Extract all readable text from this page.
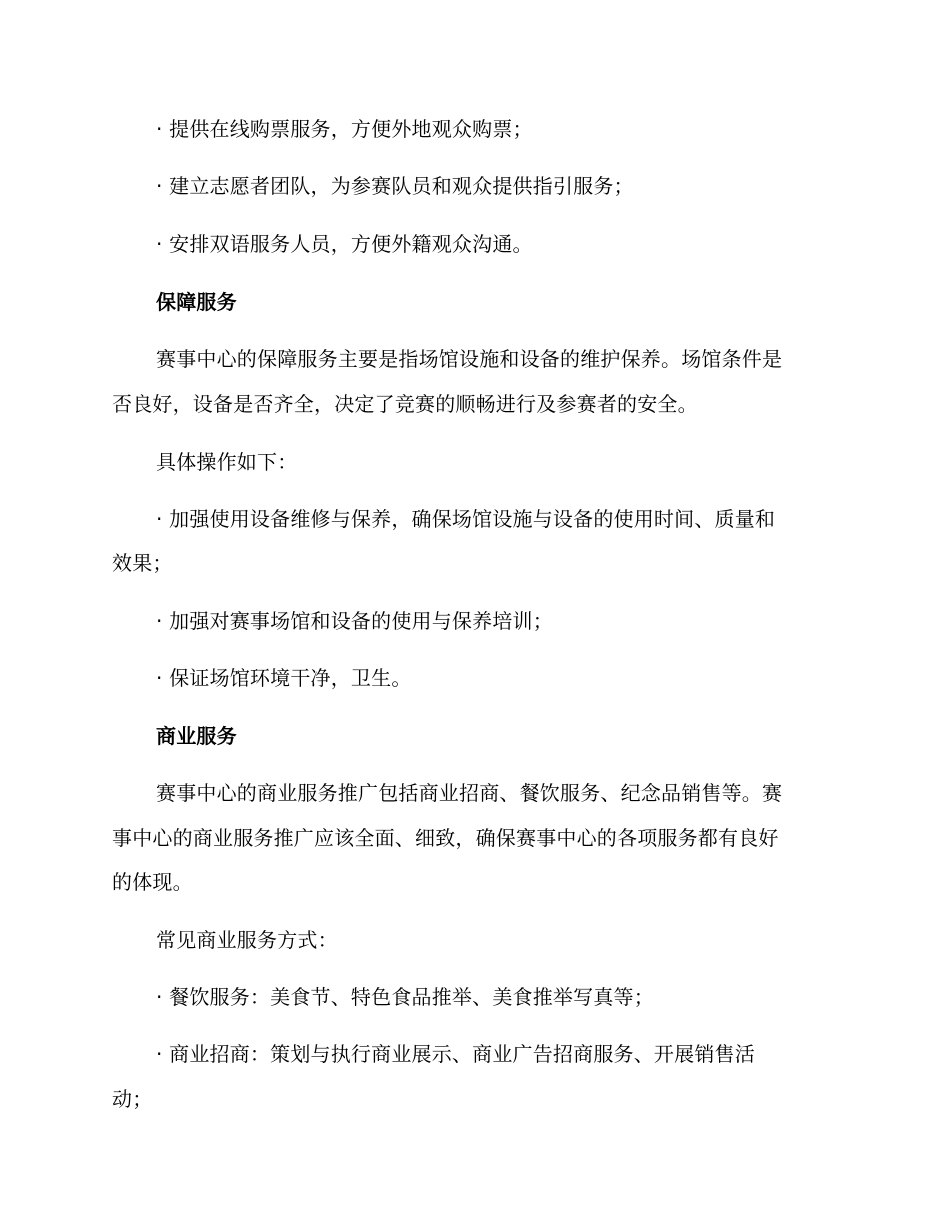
· 提供在线购票服务，方便外地观众购票；
· 建立志愿者团队，为参赛队员和观众提供指引服务；
· 安排双语服务人员，方便外籍观众沟通。
保障服务
赛事中心的保障服务主要是指场馆设施和设备的维护保养。场馆条件是
否良好，设备是否齐全，决定了竞赛的顺畅进行及参赛者的安全。
具体操作如下：
· 加强使用设备维修与保养，确保场馆设施与设备的使用时间、质量和
效果；
· 加强对赛事场馆和设备的使用与保养培训；
· 保证场馆环境干净，卫生。
商业服务
赛事中心的商业服务推广包括商业招商、餐饮服务、纪念品销售等。赛
事中心的商业服务推广应该全面、细致，确保赛事中心的各项服务都有良好
的体现。
常见商业服务方式：
· 餐饮服务：美食节、特色食品推举、美食推举写真等；
· 商业招商：策划与执行商业展示、商业广告招商服务、开展销售活
动；
